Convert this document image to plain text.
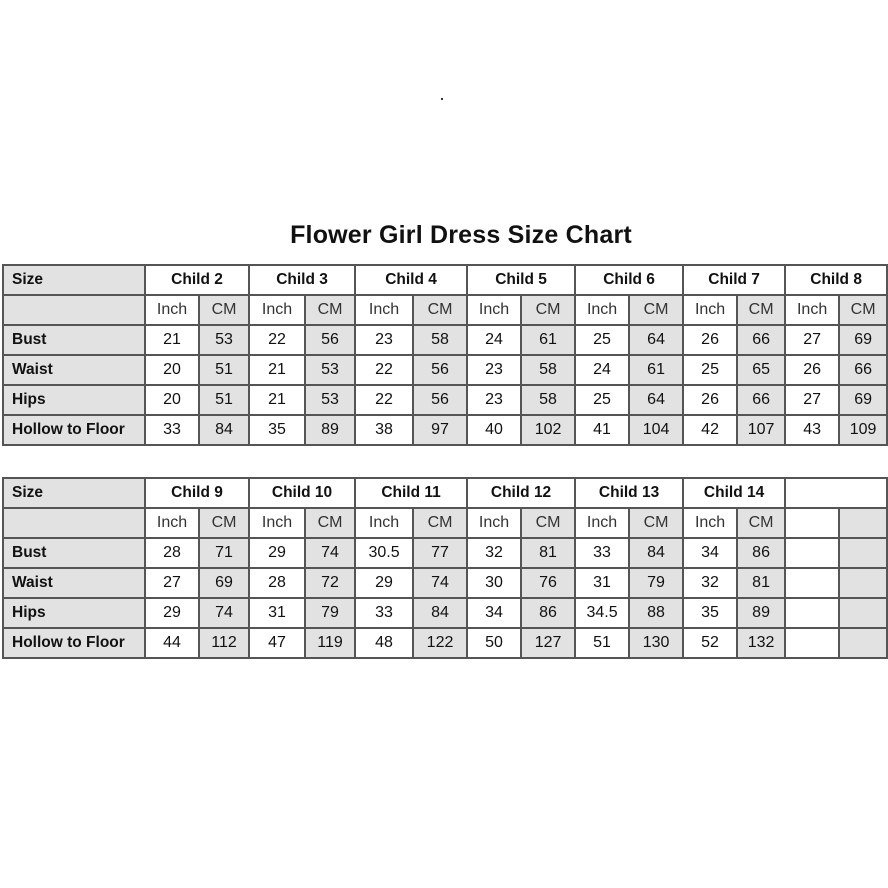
Flower Girl Dress Size Chart
Size	Child 2		Child 3		Child 4		Child 5		Child 6		Child 7		Child 8	
	Inch	CM	Inch	CM	Inch	CM	Inch	CM	Inch	CM	Inch	CM	Inch	CM
Bust	21	53	22	56	23	58	24	61	25	64	26	66	27	69
Waist	20	51	21	53	22	56	23	58	24	61	25	65	26	66
Hips	20	51	21	53	22	56	23	58	25	64	26	66	27	69
Hollow to Floor	33	84	35	89	38	97	40	102	41	104	42	107	43	109
Size	Child 9		Child 10		Child 11		Child 12		Child 13		Child 14			
	Inch	CM	Inch	CM	Inch	CM	Inch	CM	Inch	CM	Inch	CM		
Bust	28	71	29	74	30.5	77	32	81	33	84	34	86		
Waist	27	69	28	72	29	74	30	76	31	79	32	81		
Hips	29	74	31	79	33	84	34	86	34.5	88	35	89		
Hollow to Floor	44	112	47	119	48	122	50	127	51	130	52	132		
